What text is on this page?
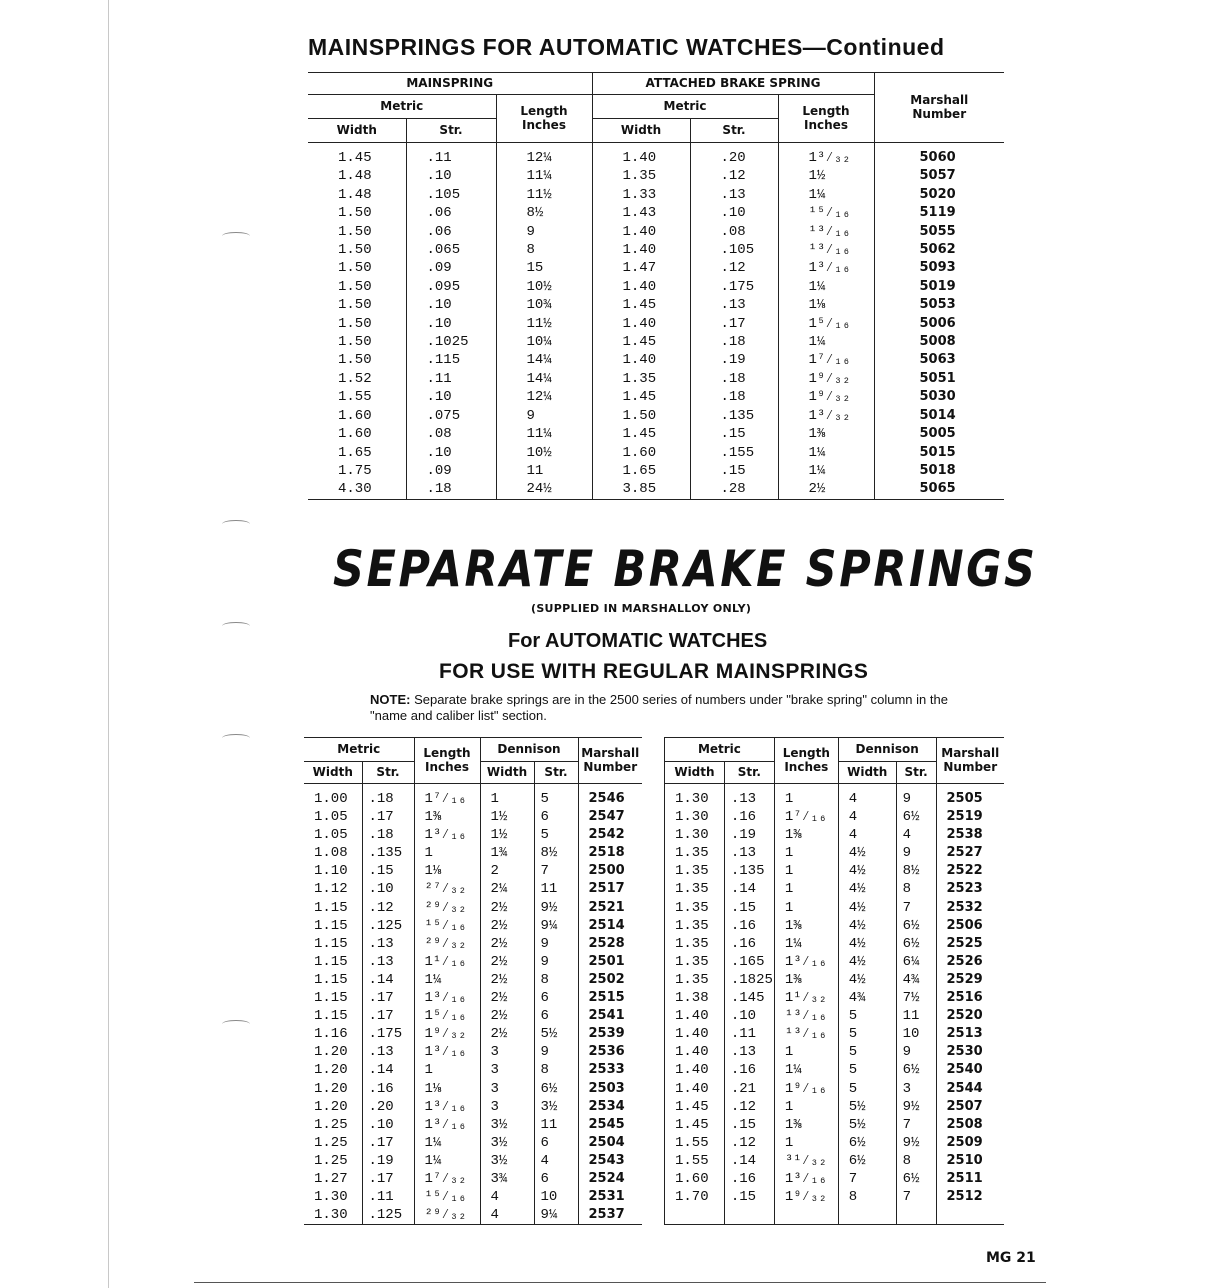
MAINSPRINGS FOR AUTOMATIC WATCHES—Continued
MAINSPRING			ATTACHED BRAKE SPRING			Marshall Number
Metric		Length Inches	Metric		Length Inches	
Width	Str.		Width	Str.		
1.45	.11	12¼	1.40	.20	1³⁄₃₂	5060
1.48	.10	11¼	1.35	.12	1½	5057
1.48	.105	11½	1.33	.13	1¼	5020
1.50	.06	8½	1.43	.10	¹⁵⁄₁₆	5119
1.50	.06	9	1.40	.08	¹³⁄₁₆	5055
1.50	.065	8	1.40	.105	¹³⁄₁₆	5062
1.50	.09	15	1.47	.12	1³⁄₁₆	5093
1.50	.095	10½	1.40	.175	1¼	5019
1.50	.10	10¾	1.45	.13	1⅛	5053
1.50	.10	11½	1.40	.17	1⁵⁄₁₆	5006
1.50	.1025	10¼	1.45	.18	1¼	5008
1.50	.115	14¼	1.40	.19	1⁷⁄₁₆	5063
1.52	.11	14¼	1.35	.18	1⁹⁄₃₂	5051
1.55	.10	12¼	1.45	.18	1⁹⁄₃₂	5030
1.60	.075	9	1.50	.135	1³⁄₃₂	5014
1.60	.08	11¼	1.45	.15	1⅜	5005
1.65	.10	10½	1.60	.155	1¼	5015
1.75	.09	11	1.65	.15	1¼	5018
4.30	.18	24½	3.85	.28	2½	5065
SEPARATE BRAKE SPRINGS
(SUPPLIED IN MARSHALLOY ONLY)
For AUTOMATIC WATCHES
FOR USE WITH REGULAR MAINSPRINGS
NOTE: Separate brake springs are in the 2500 series of numbers under "brake spring" column in the "name and caliber list" section.
Metric		Length Inches	Dennison		Marshall Number
Width	Str.		Width	Str.	
1.00	.18	1⁷⁄₁₆	1	5	2546
1.05	.17	1⅜	1½	6	2547
1.05	.18	1³⁄₁₆	1½	5	2542
1.08	.135	1	1¾	8½	2518
1.10	.15	1⅛	2	7	2500
1.12	.10	²⁷⁄₃₂	2¼	11	2517
1.15	.12	²⁹⁄₃₂	2½	9½	2521
1.15	.125	¹⁵⁄₁₆	2½	9¼	2514
1.15	.13	²⁹⁄₃₂	2½	9	2528
1.15	.13	1¹⁄₁₆	2½	9	2501
1.15	.14	1¼	2½	8	2502
1.15	.17	1³⁄₁₆	2½	6	2515
1.15	.17	1⁵⁄₁₆	2½	6	2541
1.16	.175	1⁹⁄₃₂	2½	5½	2539
1.20	.13	1³⁄₁₆	3	9	2536
1.20	.14	1	3	8	2533
1.20	.16	1⅛	3	6½	2503
1.20	.20	1³⁄₁₆	3	3½	2534
1.25	.10	1³⁄₁₆	3½	11	2545
1.25	.17	1¼	3½	6	2504
1.25	.19	1¼	3½	4	2543
1.27	.17	1⁷⁄₃₂	3¾	6	2524
1.30	.11	¹⁵⁄₁₆	4	10	2531
1.30	.125	²⁹⁄₃₂	4	9¼	2537
Metric		Length Inches	Dennison		Marshall Number
Width	Str.		Width	Str.	
1.30	.13	1	4	9	2505
1.30	.16	1⁷⁄₁₆	4	6½	2519
1.30	.19	1⅜	4	4	2538
1.35	.13	1	4½	9	2527
1.35	.135	1	4½	8½	2522
1.35	.14	1	4½	8	2523
1.35	.15	1	4½	7	2532
1.35	.16	1⅜	4½	6½	2506
1.35	.16	1¼	4½	6½	2525
1.35	.165	1³⁄₁₆	4½	6¼	2526
1.35	.1825	1⅜	4½	4¾	2529
1.38	.145	1¹⁄₃₂	4¾	7½	2516
1.40	.10	¹³⁄₁₆	5	11	2520
1.40	.11	¹³⁄₁₆	5	10	2513
1.40	.13	1	5	9	2530
1.40	.16	1¼	5	6½	2540
1.40	.21	1⁹⁄₁₆	5	3	2544
1.45	.12	1	5½	9½	2507
1.45	.15	1⅜	5½	7	2508
1.55	.12	1	6½	9½	2509
1.55	.14	³¹⁄₃₂	6½	8	2510
1.60	.16	1³⁄₁₆	7	6½	2511
1.70	.15	1⁹⁄₃₂	8	7	2512

MG 21
